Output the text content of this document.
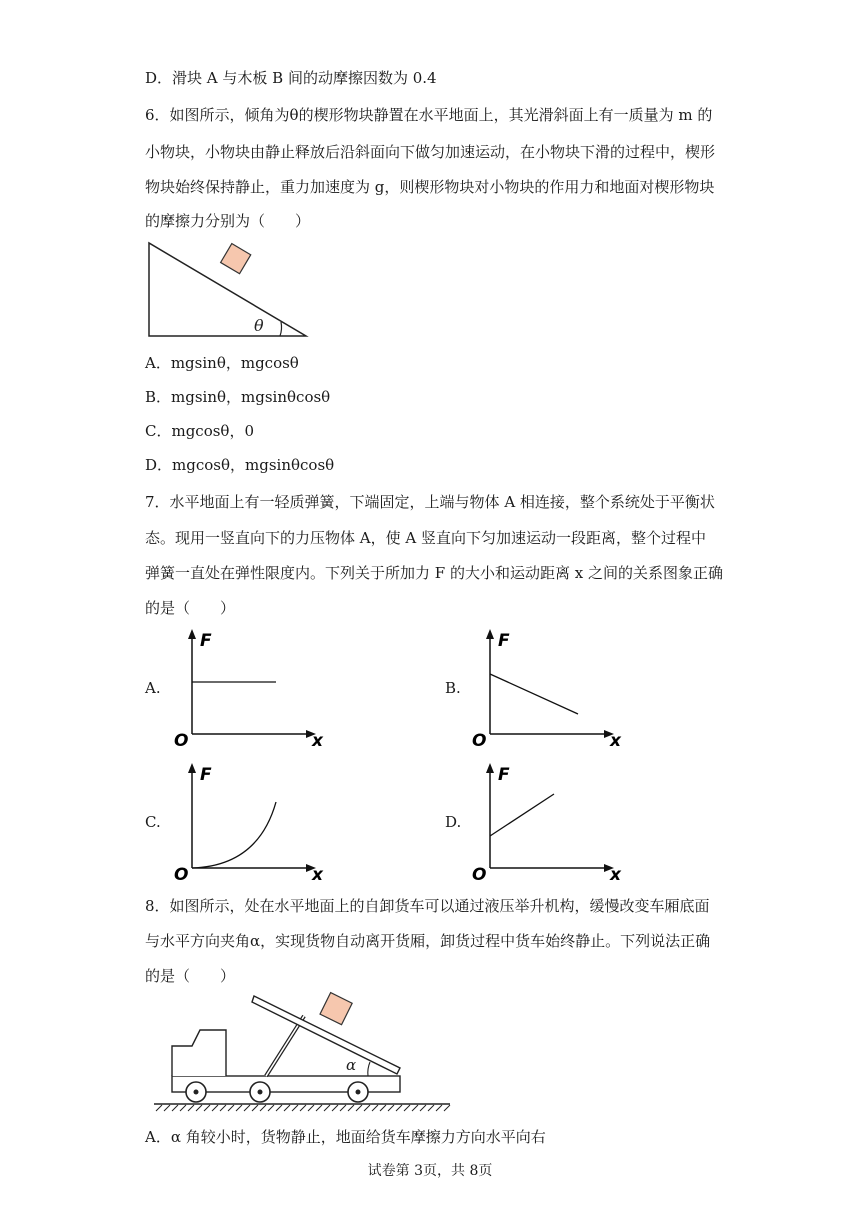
D．滑块 A 与木板 B 间的动摩擦因数为 0.4
6．如图所示，倾角为θ的楔形物块静置在水平地面上，其光滑斜面上有一质量为 m 的
小物块，小物块由静止释放后沿斜面向下做匀加速运动，在小物块下滑的过程中，楔形
物块始终保持静止，重力加速度为 g，则楔形物块对小物块的作用力和地面对楔形物块
的摩擦力分别为（　　）
θ
A．mgsinθ，mgcosθ
B．mgsinθ，mgsinθcosθ
C．mgcosθ，0
D．mgcosθ，mgsinθcosθ
7．水平地面上有一轻质弹簧，下端固定，上端与物体 A 相连接，整个系统处于平衡状
态。现用一竖直向下的力压物体 A，使 A 竖直向下匀加速运动一段距离，整个过程中
弹簧一直处在弹性限度内。下列关于所加力 F 的大小和运动距离 x 之间的关系图象正确
的是（　　）
A.	B.
C.	D.
F
x
O
F
x
O
F
x
O
F
x
O
8．如图所示，处在水平地面上的自卸货车可以通过液压举升机构，缓慢改变车厢底面
与水平方向夹角α，实现货物自动离开货厢，卸货过程中货车始终静止。下列说法正确
的是（　　）
α
A．α 角较小时，货物静止，地面给货车摩擦力方向水平向右
试卷第 3页，共 8页
